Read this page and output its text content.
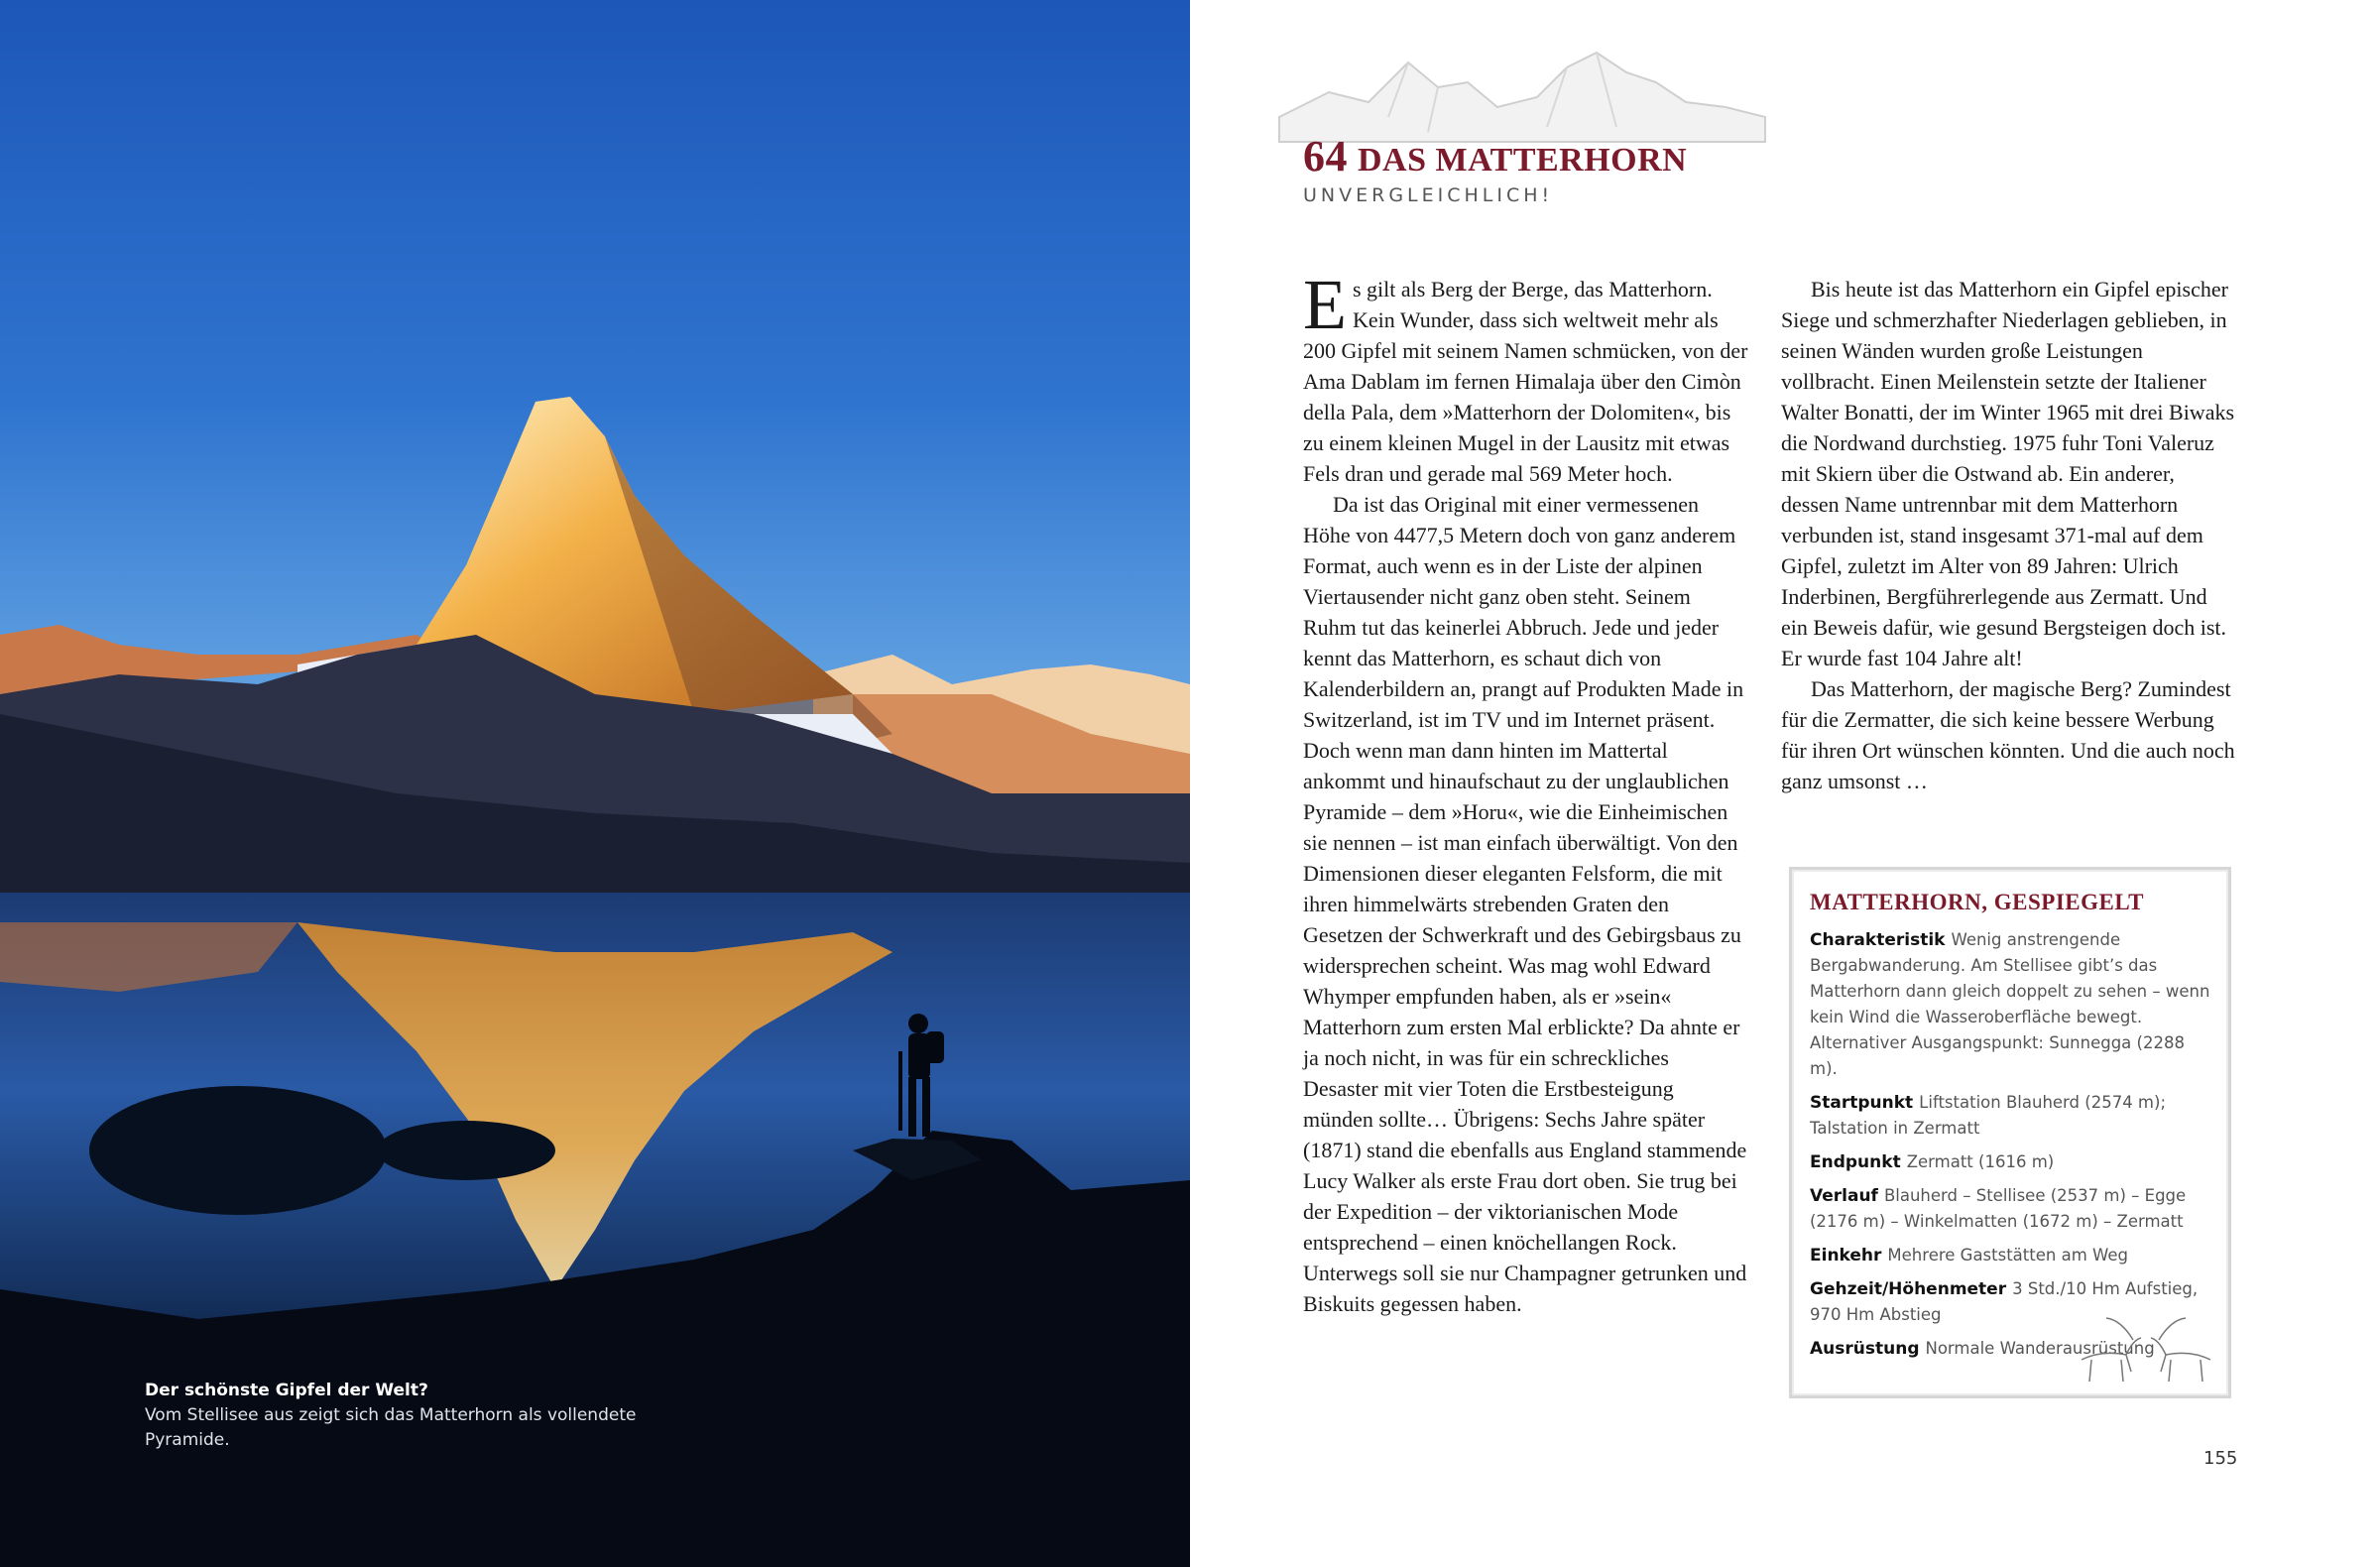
Der schönste Gipfel der Welt?
Vom Stellisee aus zeigt sich das Matterhorn als vollendete Pyramide.
64 DAS MATTERHORN
UNVERGLEICHLICH!

Es gilt als Berg der Berge, das Matterhorn. Kein Wunder, dass sich weltweit mehr als 200 Gipfel mit seinem Namen schmücken, von der Ama Dablam im fernen Himalaja über den Cimòn della Pala, dem »Matterhorn der Dolomiten«, bis zu einem kleinen Mugel in der Lausitz mit etwas Fels dran und gerade mal 569 Meter hoch.

Da ist das Original mit einer vermessenen Höhe von 4477,5 Metern doch von ganz anderem Format, auch wenn es in der Liste der alpinen Viertausender nicht ganz oben steht. Seinem Ruhm tut das keinerlei Abbruch. Jede und jeder kennt das Matterhorn, es schaut dich von Kalenderbildern an, prangt auf Produkten Made in Switzerland, ist im TV und im Internet präsent. Doch wenn man dann hinten im Mattertal ankommt und hinaufschaut zu der unglaublichen Pyramide – dem »Horu«, wie die Einheimischen sie nennen – ist man einfach überwältigt. Von den Dimensionen dieser eleganten Felsform, die mit ihren himmelwärts strebenden Graten den Gesetzen der Schwerkraft und des Gebirgsbaus zu widersprechen scheint. Was mag wohl Edward Whymper empfunden haben, als er »sein« Matterhorn zum ersten Mal erblickte? Da ahnte er ja noch nicht, in was für ein schreckliches Desaster mit vier Toten die Erstbesteigung münden sollte… Übrigens: Sechs Jahre später (1871) stand die ebenfalls aus England stammende Lucy Walker als erste Frau dort oben. Sie trug bei der Expedition – der viktorianischen Mode entsprechend – einen knöchellangen Rock. Unterwegs soll sie nur Champagner getrunken und Biskuits gegessen haben.

Bis heute ist das Matterhorn ein Gipfel epischer Siege und schmerzhafter Niederlagen geblieben, in seinen Wänden wurden große Leistungen vollbracht. Einen Meilenstein setzte der Italiener Walter Bonatti, der im Winter 1965 mit drei Biwaks die Nordwand durchstieg. 1975 fuhr Toni Valeruz mit Skiern über die Ostwand ab. Ein anderer, dessen Name untrennbar mit dem Matterhorn verbunden ist, stand insgesamt 371-mal auf dem Gipfel, zuletzt im Alter von 89 Jahren: Ulrich Inderbinen, Bergführerlegende aus Zermatt. Und ein Beweis dafür, wie gesund Bergsteigen doch ist. Er wurde fast 104 Jahre alt!

Das Matterhorn, der magische Berg? Zumindest für die Zermatter, die sich keine bessere Werbung für ihren Ort wünschen könnten. Und die auch noch ganz umsonst …

MATTERHORN, GESPIEGELT
Charakteristik Wenig anstrengende Bergabwanderung. Am Stellisee gibt’s das Matterhorn dann gleich doppelt zu sehen – wenn kein Wind die Wasseroberfläche bewegt. Alternativer Ausgangspunkt: Sunnegga (2288 m).
Startpunkt Liftstation Blauherd (2574 m); Talstation in Zermatt
Endpunkt Zermatt (1616 m)
Verlauf Blauherd – Stellisee (2537 m) – Egge (2176 m) – Winkelmatten (1672 m) – Zermatt
Einkehr Mehrere Gaststätten am Weg
Gehzeit/Höhenmeter 3 Std./10 Hm Aufstieg, 970 Hm Abstieg
Ausrüstung Normale Wanderausrüstung
155
